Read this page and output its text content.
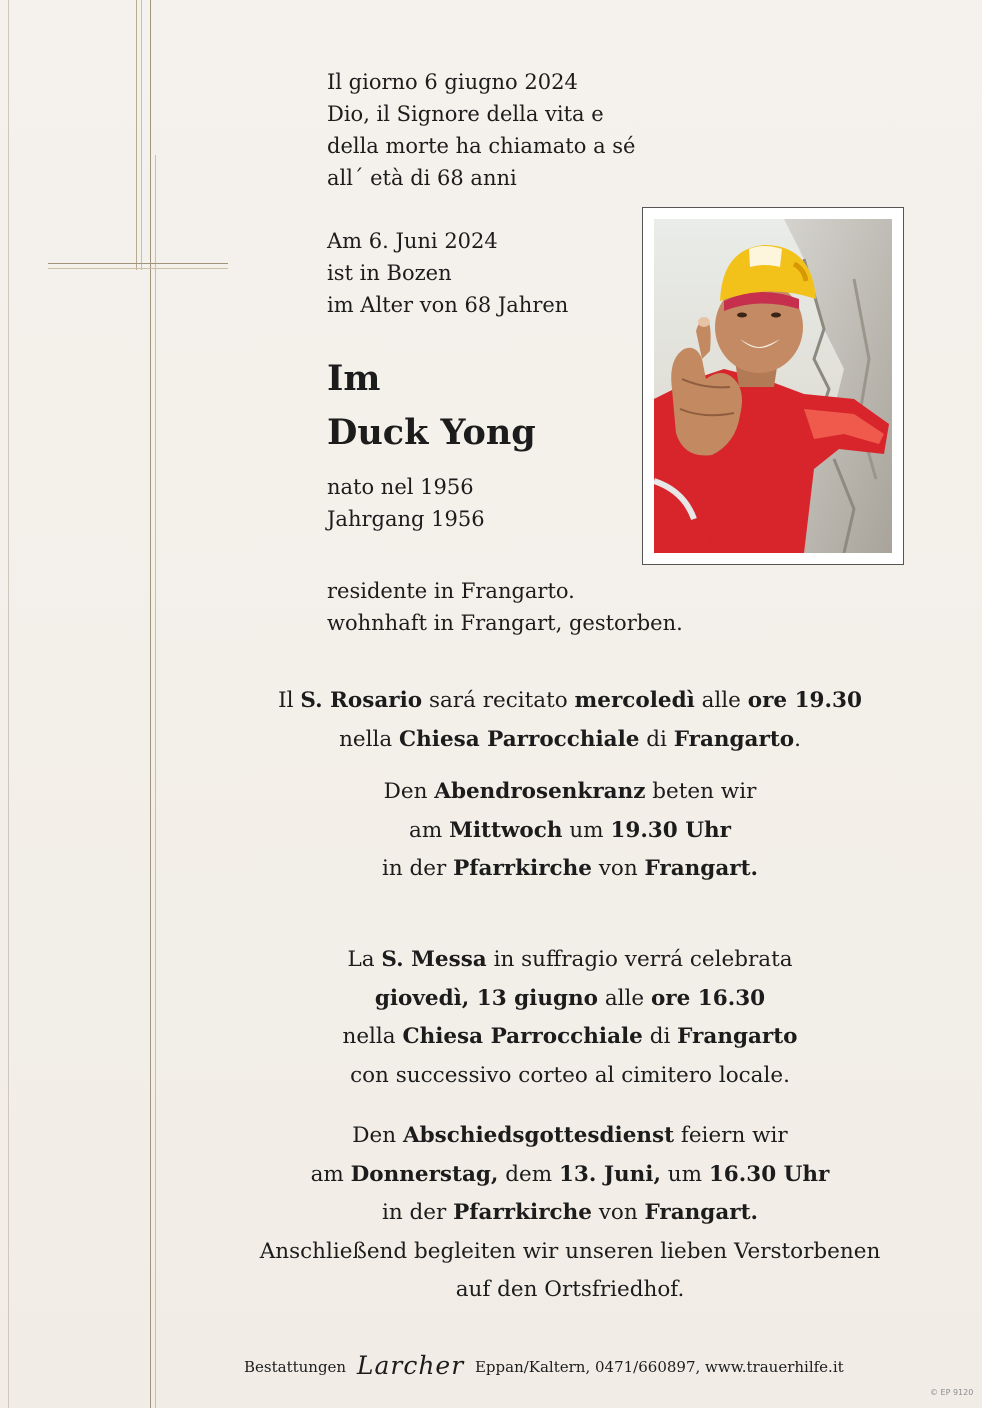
Il giorno 6 giugno 2024
Dio, il Signore della vita e
della morte ha chiamato a sé
all´ età di 68 anni
Am 6. Juni 2024
ist in Bozen
im Alter von 68 Jahren
Im
Duck Yong
nato nel 1956
Jahrgang 1956
residente in Frangarto.
wohnhaft in Frangart, gestorben.
Il S. Rosario sará recitato mercoledì alle ore 19.30
nella Chiesa Parrocchiale di Frangarto.
Den Abendrosenkranz beten wir
am Mittwoch um 19.30 Uhr
in der Pfarrkirche von Frangart.
La S. Messa in suffragio verrá celebrata
giovedì, 13 giugno alle ore 16.30
nella Chiesa Parrocchiale di Frangarto
con successivo corteo al cimitero locale.
Den Abschiedsgottesdienst feiern wir
am Donnerstag, dem 13. Juni, um 16.30 Uhr
in der Pfarrkirche von Frangart.
Anschließend begleiten wir unseren lieben Verstorbenen
auf den Ortsfriedhof.
Bestattungen Larcher Eppan/Kaltern, 0471/660897, www.trauerhilfe.it
© EP 9120
